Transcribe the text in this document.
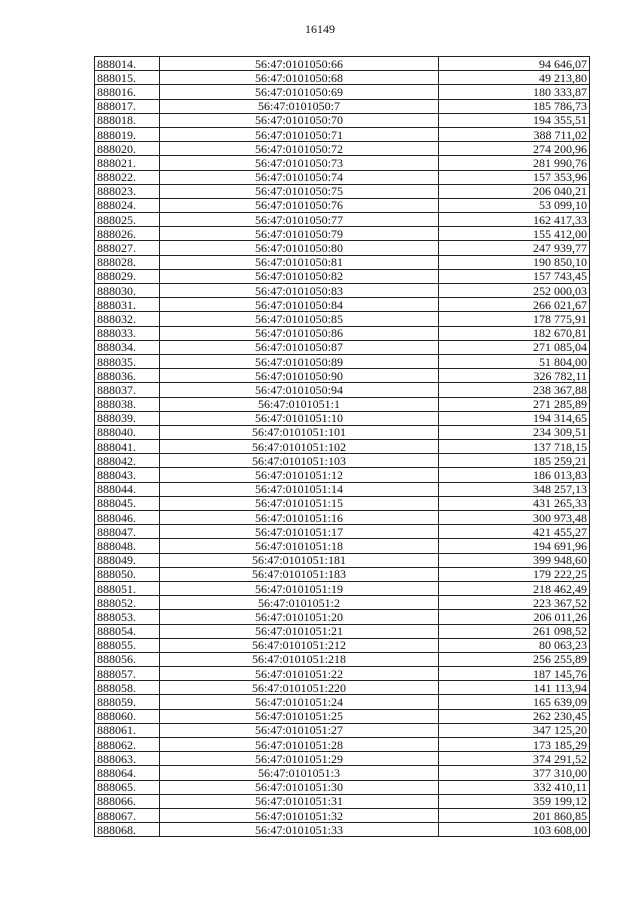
16149
888014.	56:47:0101050:66	94 646,07
888015.	56:47:0101050:68	49 213,80
888016.	56:47:0101050:69	180 333,87
888017.	56:47:0101050:7	185 786,73
888018.	56:47:0101050:70	194 355,51
888019.	56:47:0101050:71	388 711,02
888020.	56:47:0101050:72	274 200,96
888021.	56:47:0101050:73	281 990,76
888022.	56:47:0101050:74	157 353,96
888023.	56:47:0101050:75	206 040,21
888024.	56:47:0101050:76	53 099,10
888025.	56:47:0101050:77	162 417,33
888026.	56:47:0101050:79	155 412,00
888027.	56:47:0101050:80	247 939,77
888028.	56:47:0101050:81	190 850,10
888029.	56:47:0101050:82	157 743,45
888030.	56:47:0101050:83	252 000,03
888031.	56:47:0101050:84	266 021,67
888032.	56:47:0101050:85	178 775,91
888033.	56:47:0101050:86	182 670,81
888034.	56:47:0101050:87	271 085,04
888035.	56:47:0101050:89	51 804,00
888036.	56:47:0101050:90	326 782,11
888037.	56:47:0101050:94	238 367,88
888038.	56:47:0101051:1	271 285,89
888039.	56:47:0101051:10	194 314,65
888040.	56:47:0101051:101	234 309,51
888041.	56:47:0101051:102	137 718,15
888042.	56:47:0101051:103	185 259,21
888043.	56:47:0101051:12	186 013,83
888044.	56:47:0101051:14	348 257,13
888045.	56:47:0101051:15	431 265,33
888046.	56:47:0101051:16	300 973,48
888047.	56:47:0101051:17	421 455,27
888048.	56:47:0101051:18	194 691,96
888049.	56:47:0101051:181	399 948,60
888050.	56:47:0101051:183	179 222,25
888051.	56:47:0101051:19	218 462,49
888052.	56:47:0101051:2	223 367,52
888053.	56:47:0101051:20	206 011,26
888054.	56:47:0101051:21	261 098,52
888055.	56:47:0101051:212	80 063,23
888056.	56:47:0101051:218	256 255,89
888057.	56:47:0101051:22	187 145,76
888058.	56:47:0101051:220	141 113,94
888059.	56:47:0101051:24	165 639,09
888060.	56:47:0101051:25	262 230,45
888061.	56:47:0101051:27	347 125,20
888062.	56:47:0101051:28	173 185,29
888063.	56:47:0101051:29	374 291,52
888064.	56:47:0101051:3	377 310,00
888065.	56:47:0101051:30	332 410,11
888066.	56:47:0101051:31	359 199,12
888067.	56:47:0101051:32	201 860,85
888068.	56:47:0101051:33	103 608,00
